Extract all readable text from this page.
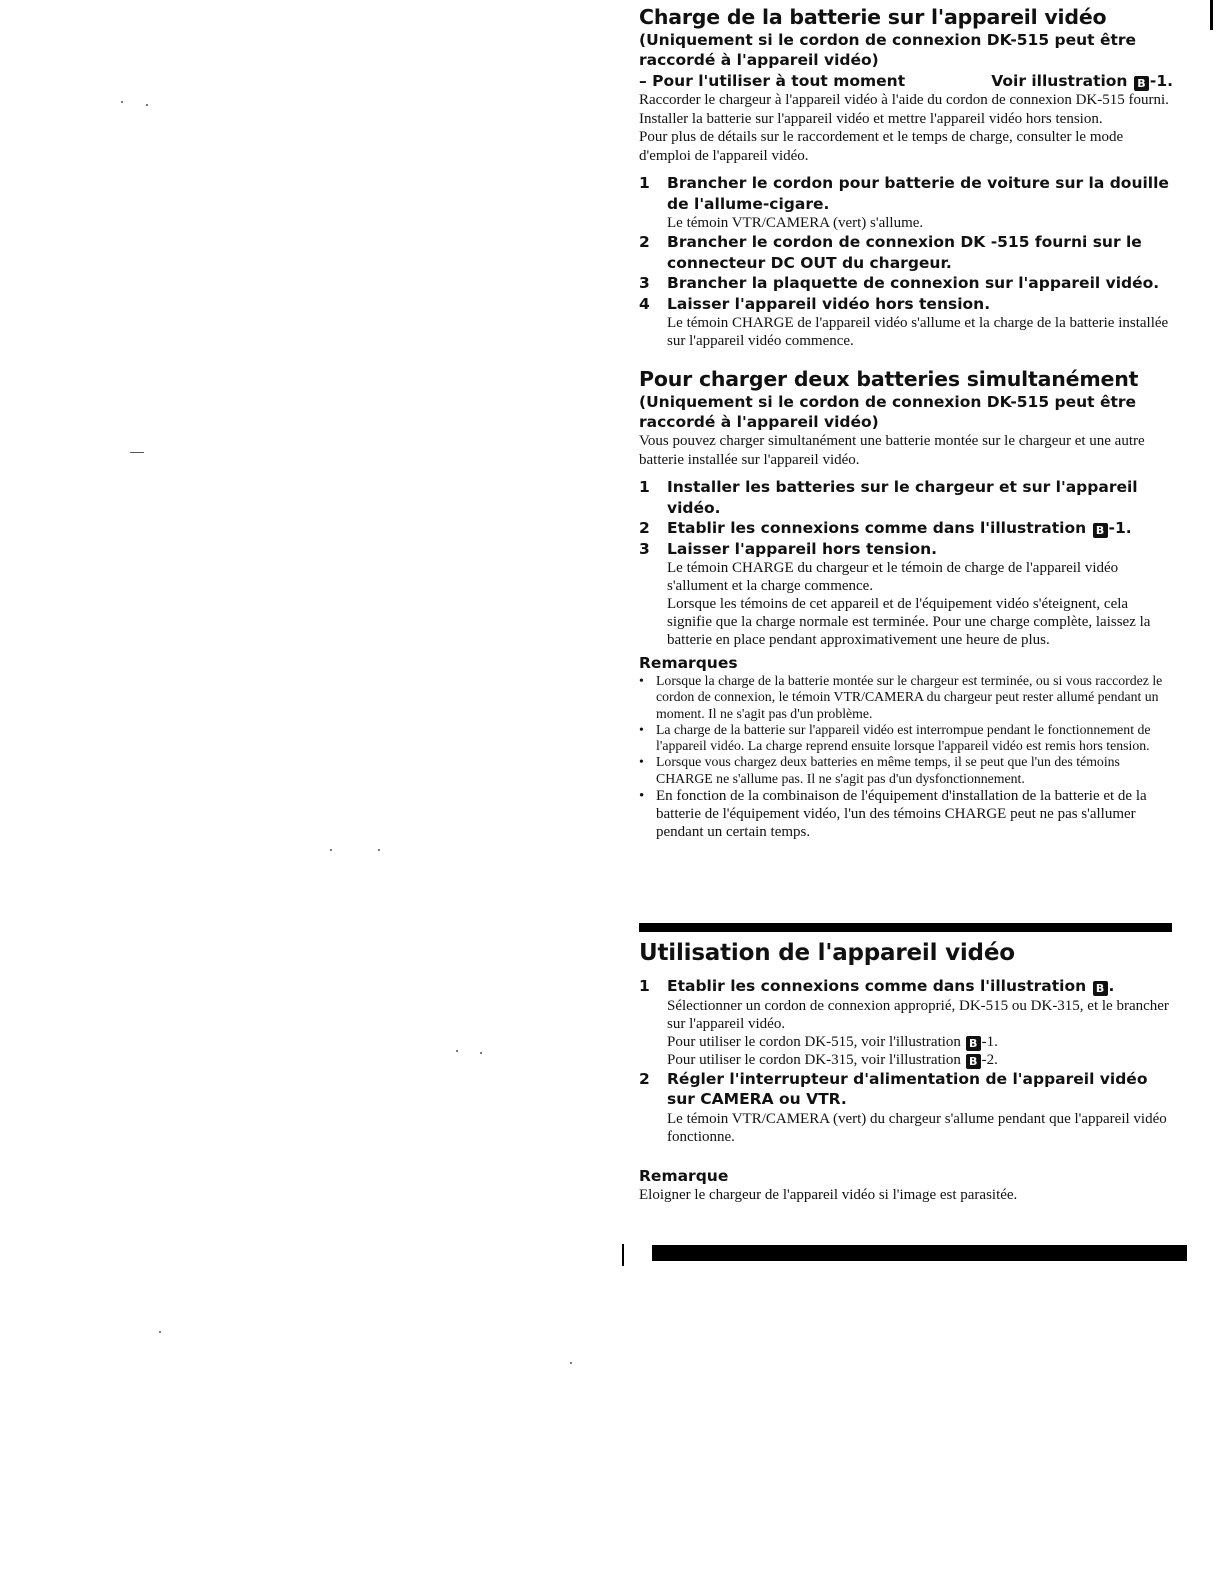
Charge de la batterie sur l'appareil vidéo
(Uniquement si le cordon de connexion DK-515 peut être
raccordé à l'appareil vidéo)
– Pour l'utiliser à tout moment	Voir illustration B -1.

Raccorder le chargeur à l'appareil vidéo à l'aide du cordon de connexion DK-515 fourni. Installer la batterie sur l'appareil vidéo et mettre l'appareil vidéo hors tension.

Pour plus de détails sur le raccordement et le temps de charge, consulter le mode d'emploi de l'appareil vidéo.

1	Brancher le cordon pour batterie de voiture sur la douille de l'allume-cigare.
Le témoin VTR/CAMERA (vert) s'allume.
2	Brancher le cordon de connexion DK -515 fourni sur le connecteur DC OUT du chargeur.
3	Brancher la plaquette de connexion sur l'appareil vidéo.
4	Laisser l'appareil vidéo hors tension.
Le témoin CHARGE de l'appareil vidéo s'allume et la charge de la batterie installée sur l'appareil vidéo commence.
Pour charger deux batteries simultanément
(Uniquement si le cordon de connexion DK-515 peut être
raccordé à l'appareil vidéo)

Vous pouvez charger simultanément une batterie montée sur le chargeur et une autre batterie installée sur l'appareil vidéo.

1	Installer les batteries sur le chargeur et sur l'appareil vidéo.
2	Etablir les connexions comme dans l'illustration B -1.
3	Laisser l'appareil hors tension.
Le témoin CHARGE du chargeur et le témoin de charge de l'appareil vidéo s'allument et la charge commence.
Lorsque les témoins de cet appareil et de l'équipement vidéo s'éteignent, cela signifie que la charge normale est terminée. Pour une charge complète, laissez la batterie en place pendant approximativement une heure de plus.
Remarques
• Lorsque la charge de la batterie montée sur le chargeur est terminée, ou si vous raccordez le cordon de connexion, le témoin VTR/CAMERA du chargeur peut rester allumé pendant un moment. Il ne s'agit pas d'un problème.
• La charge de la batterie sur l'appareil vidéo est interrompue pendant le fonctionnement de l'appareil vidéo. La charge reprend ensuite lorsque l'appareil vidéo est remis hors tension.
• Lorsque vous chargez deux batteries en même temps, il se peut que l'un des témoins CHARGE ne s'allume pas. Il ne s'agit pas d'un dysfonctionnement.
• En fonction de la combinaison de l'équipement d'installation de la batterie et de la batterie de l'équipement vidéo, l'un des témoins CHARGE peut ne pas s'allumer pendant un certain temps.
Utilisation de l'appareil vidéo
1	Etablir les connexions comme dans l'illustration B .
Sélectionner un cordon de connexion approprié, DK-515 ou DK-315, et le brancher sur l'appareil vidéo.
Pour utiliser le cordon DK-515, voir l'illustration B -1.
Pour utiliser le cordon DK-315, voir l'illustration B -2.
2	Régler l'interrupteur d'alimentation de l'appareil vidéo sur CAMERA ou VTR.
Le témoin VTR/CAMERA (vert) du chargeur s'allume pendant que l'appareil vidéo fonctionne.
Remarque

Eloigner le chargeur de l'appareil vidéo si l'image est parasitée.
